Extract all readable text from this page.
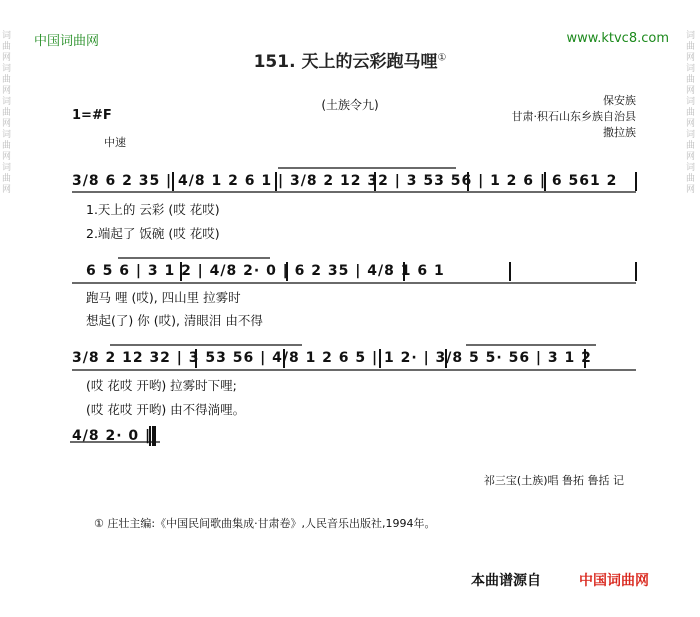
中国词曲网	www.ktvc8.com
词曲网词曲网词曲网词曲网词曲网	词曲网词曲网词曲网词曲网词曲网
151. 天上的云彩跑马哩①
(土族令九)
1=#F
中速
保安族
甘肃·积石山东乡族自治县
撒拉族
3/8 6 2 35 | 4/8 1 2 6 1 | 3/8 2 12 32 | 3 53 56 | 1 2 6 | 6 561 2
1.天上的 云彩 (哎 花哎)
2.端起了 饭碗 (哎 花哎)
6 5 6 | 3 1 2 | 4/8 2· 0 | 6 2 35 | 4/8 1 6 1
跑马 哩 (哎), 四山里 拉雾时
想起(了) 你 (哎), 清眼泪 由不得
3/8 2 12 32 | 3 53 56 | 4/8 1 2 6 5 | 1 2· | 3/8 5 5· 56 | 3 1 2
(哎 花哎 开哟) 拉雾时下哩;
(哎 花哎 开哟) 由不得淌哩。
4/8 2· 0 ||
祁三宝(土族)唱 鲁拓 鲁括 记
① 庄壮主编:《中国民间歌曲集成·甘肃卷》,人民音乐出版社,1994年。
本曲谱源自	中国词曲网
